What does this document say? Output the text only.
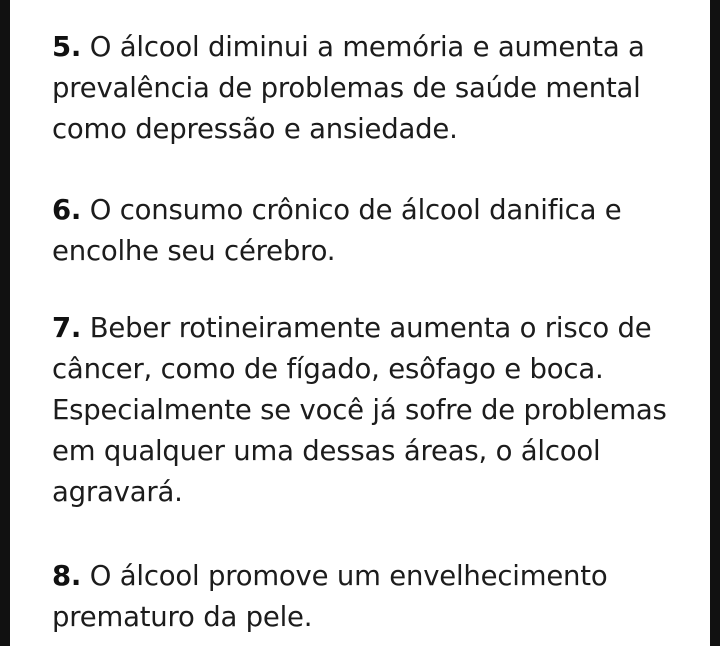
5. O álcool diminui a memória e aumenta a
prevalência de problemas de saúde mental
como depressão e ansiedade.

6. O consumo crônico de álcool danifica e
encolhe seu cérebro.

7. Beber rotineiramente aumenta o risco de
câncer, como de fígado, esôfago e boca.
Especialmente se você já sofre de problemas
em qualquer uma dessas áreas, o álcool
agravará.

8. O álcool promove um envelhecimento
prematuro da pele.
